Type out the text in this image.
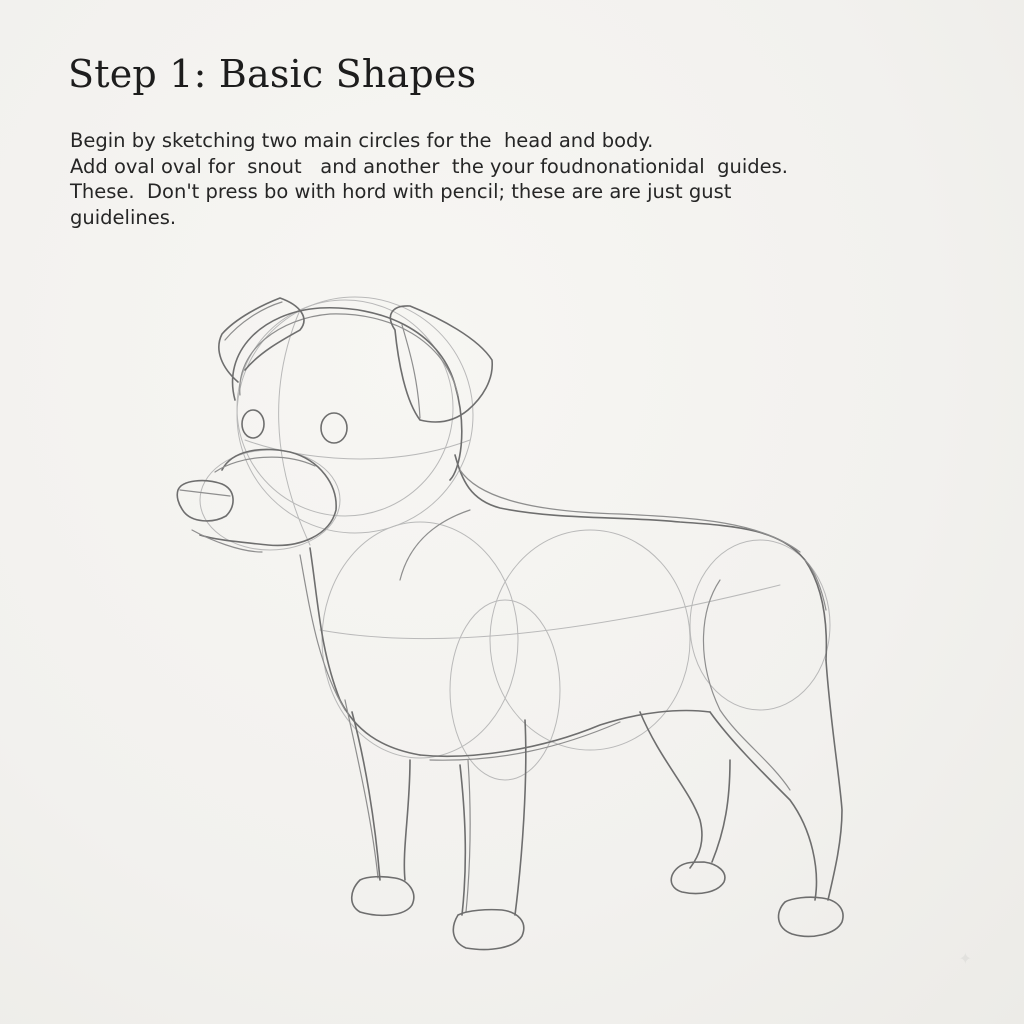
Step 1: Basic Shapes
Begin by sketching two main circles for the  head and body.
Add oval oval for  snout   and another  the your foudnonationidal  guides.
These.  Don't press bo with hord with pencil; these are are just gust
guidelines.
✦
